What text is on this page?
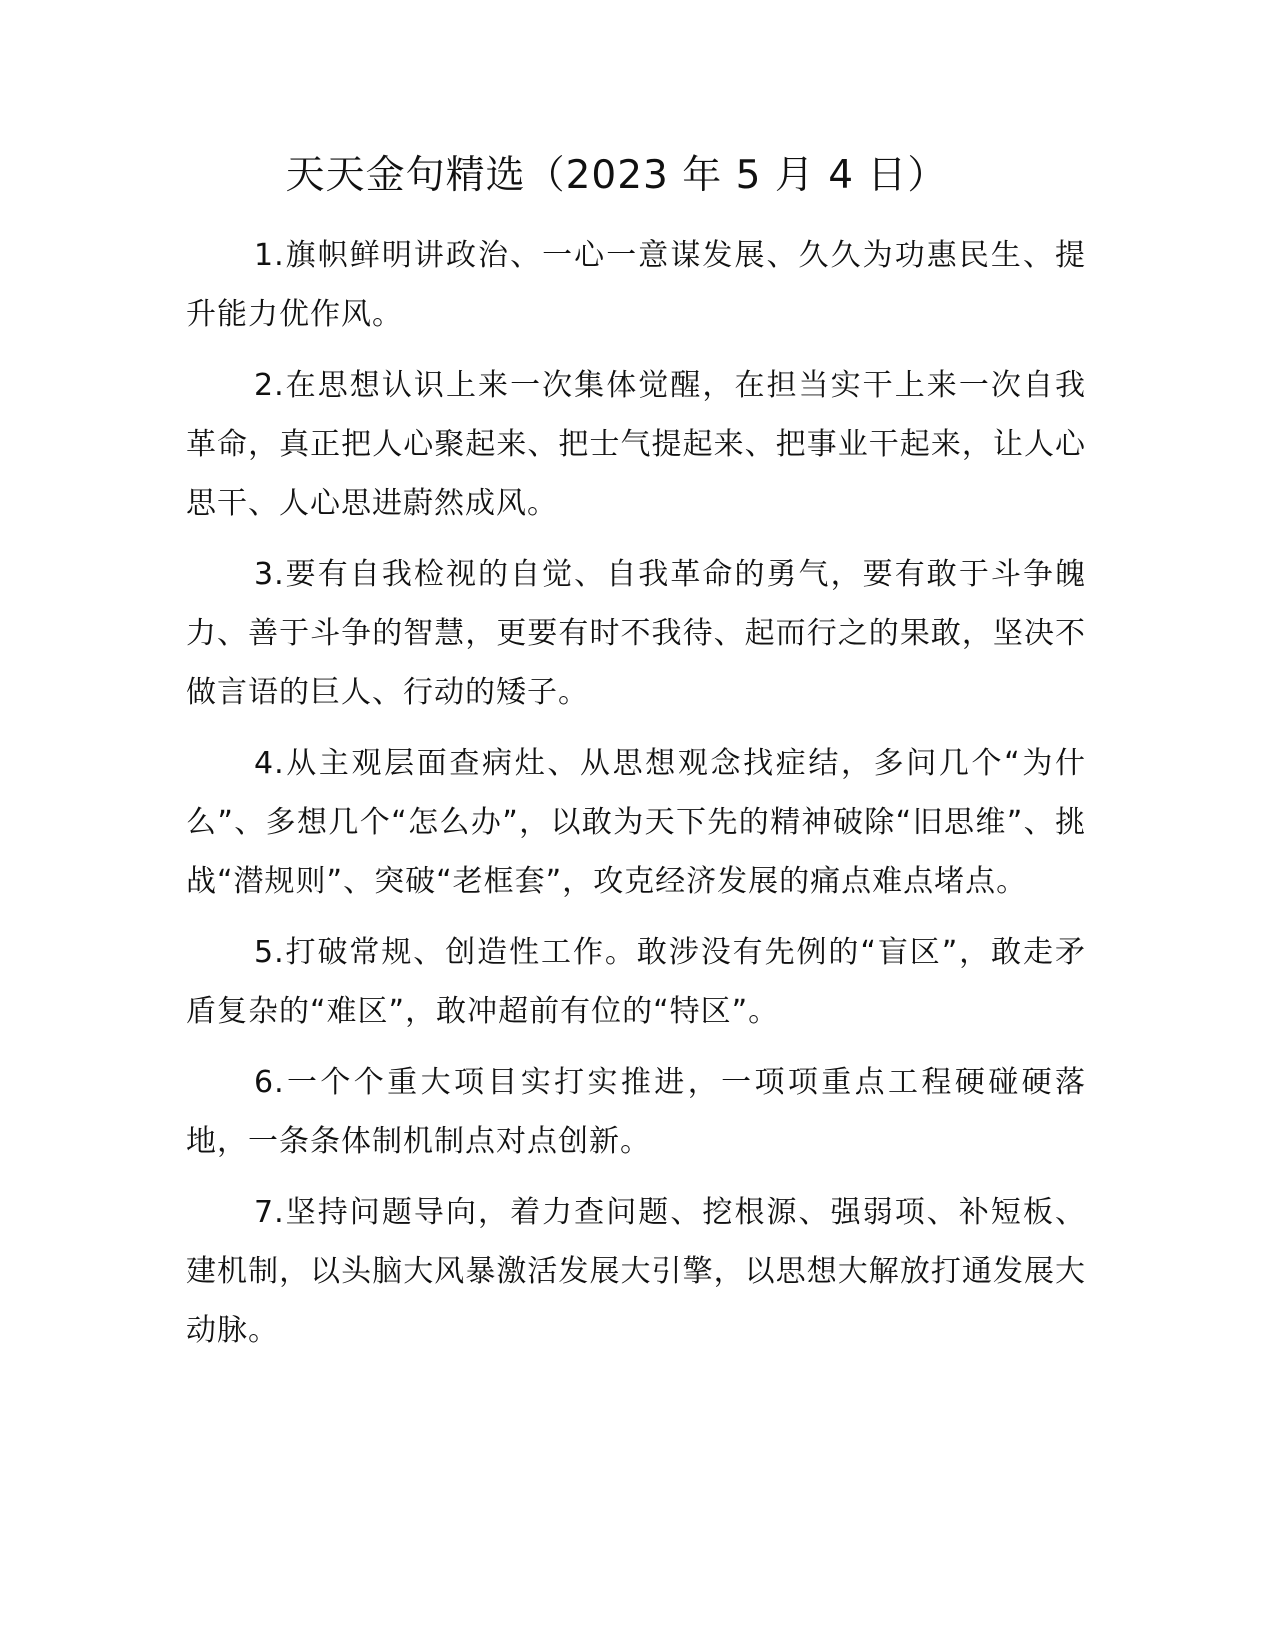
天天金句精选（2023 年 5 月 4 日）

1.旗帜鲜明讲政治、一心一意谋发展、久久为功惠民生、提升能力优作风。

2.在思想认识上来一次集体觉醒，在担当实干上来一次自我革命，真正把人心聚起来、把士气提起来、把事业干起来，让人心思干、人心思进蔚然成风。

3.要有自我检视的自觉、自我革命的勇气，要有敢于斗争魄力、善于斗争的智慧，更要有时不我待、起而行之的果敢，坚决不做言语的巨人、行动的矮子。

4.从主观层面查病灶、从思想观念找症结，多问几个“为什么”、多想几个“怎么办”，以敢为天下先的精神破除“旧思维”、挑战“潜规则”、突破“老框套”，攻克经济发展的痛点难点堵点。

5.打破常规、创造性工作。敢涉没有先例的“盲区”，敢走矛盾复杂的“难区”，敢冲超前有位的“特区”。

6.一个个重大项目实打实推进，一项项重点工程硬碰硬落地，一条条体制机制点对点创新。

7.坚持问题导向，着力查问题、挖根源、强弱项、补短板、建机制，以头脑大风暴激活发展大引擎，以思想大解放打通发展大动脉。
